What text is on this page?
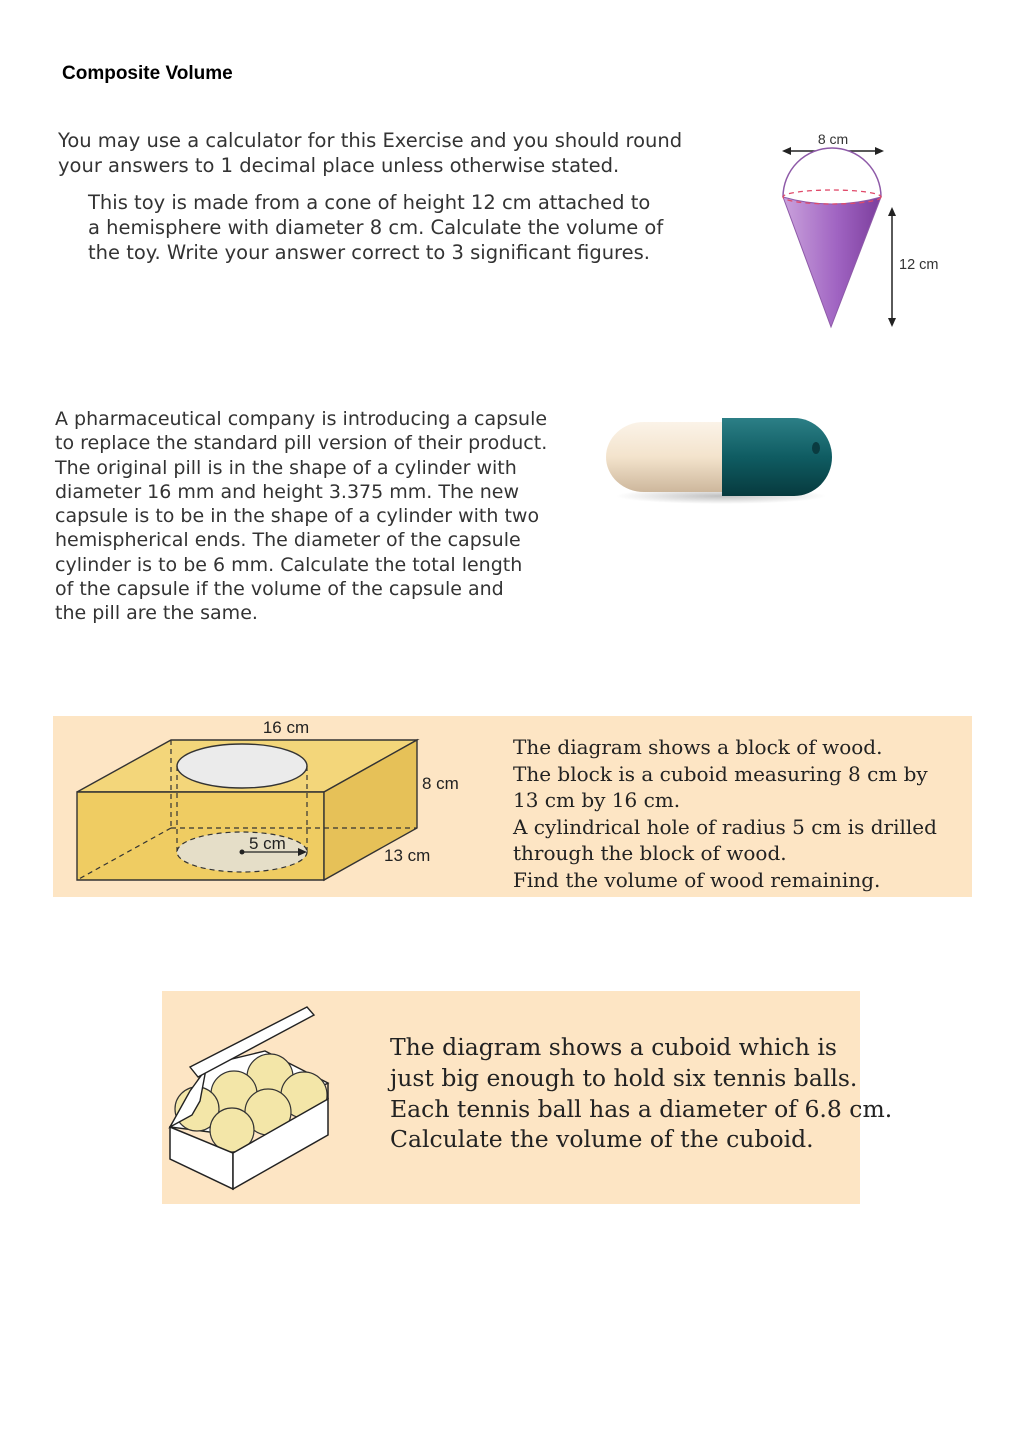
Composite Volume
You may use a calculator for this Exercise and you should round
your answers to 1 decimal place unless otherwise stated.
This toy is made from a cone of height 12 cm attached to
a hemisphere with diameter 8 cm. Calculate the volume of
the toy. Write your answer correct to 3 significant figures.
8 cm
12 cm
A pharmaceutical company is introducing a capsule
to replace the standard pill version of their product.
The original pill is in the shape of a cylinder with
diameter 16 mm and height 3.375 mm. The new
capsule is to be in the shape of a cylinder with two
hemispherical ends. The diameter of the capsule
cylinder is to be 6 mm. Calculate the total length
of the capsule if the volume of the capsule and
the pill are the same.
5 cm
16 cm
8 cm
13 cm
The diagram shows a block of wood.
The block is a cuboid measuring 8 cm by
13 cm by 16 cm.
A cylindrical hole of radius 5 cm is drilled
through the block of wood.
Find the volume of wood remaining.
The diagram shows a cuboid which is
just big enough to hold six tennis balls.
Each tennis ball has a diameter of 6.8 cm.
Calculate the volume of the cuboid.
